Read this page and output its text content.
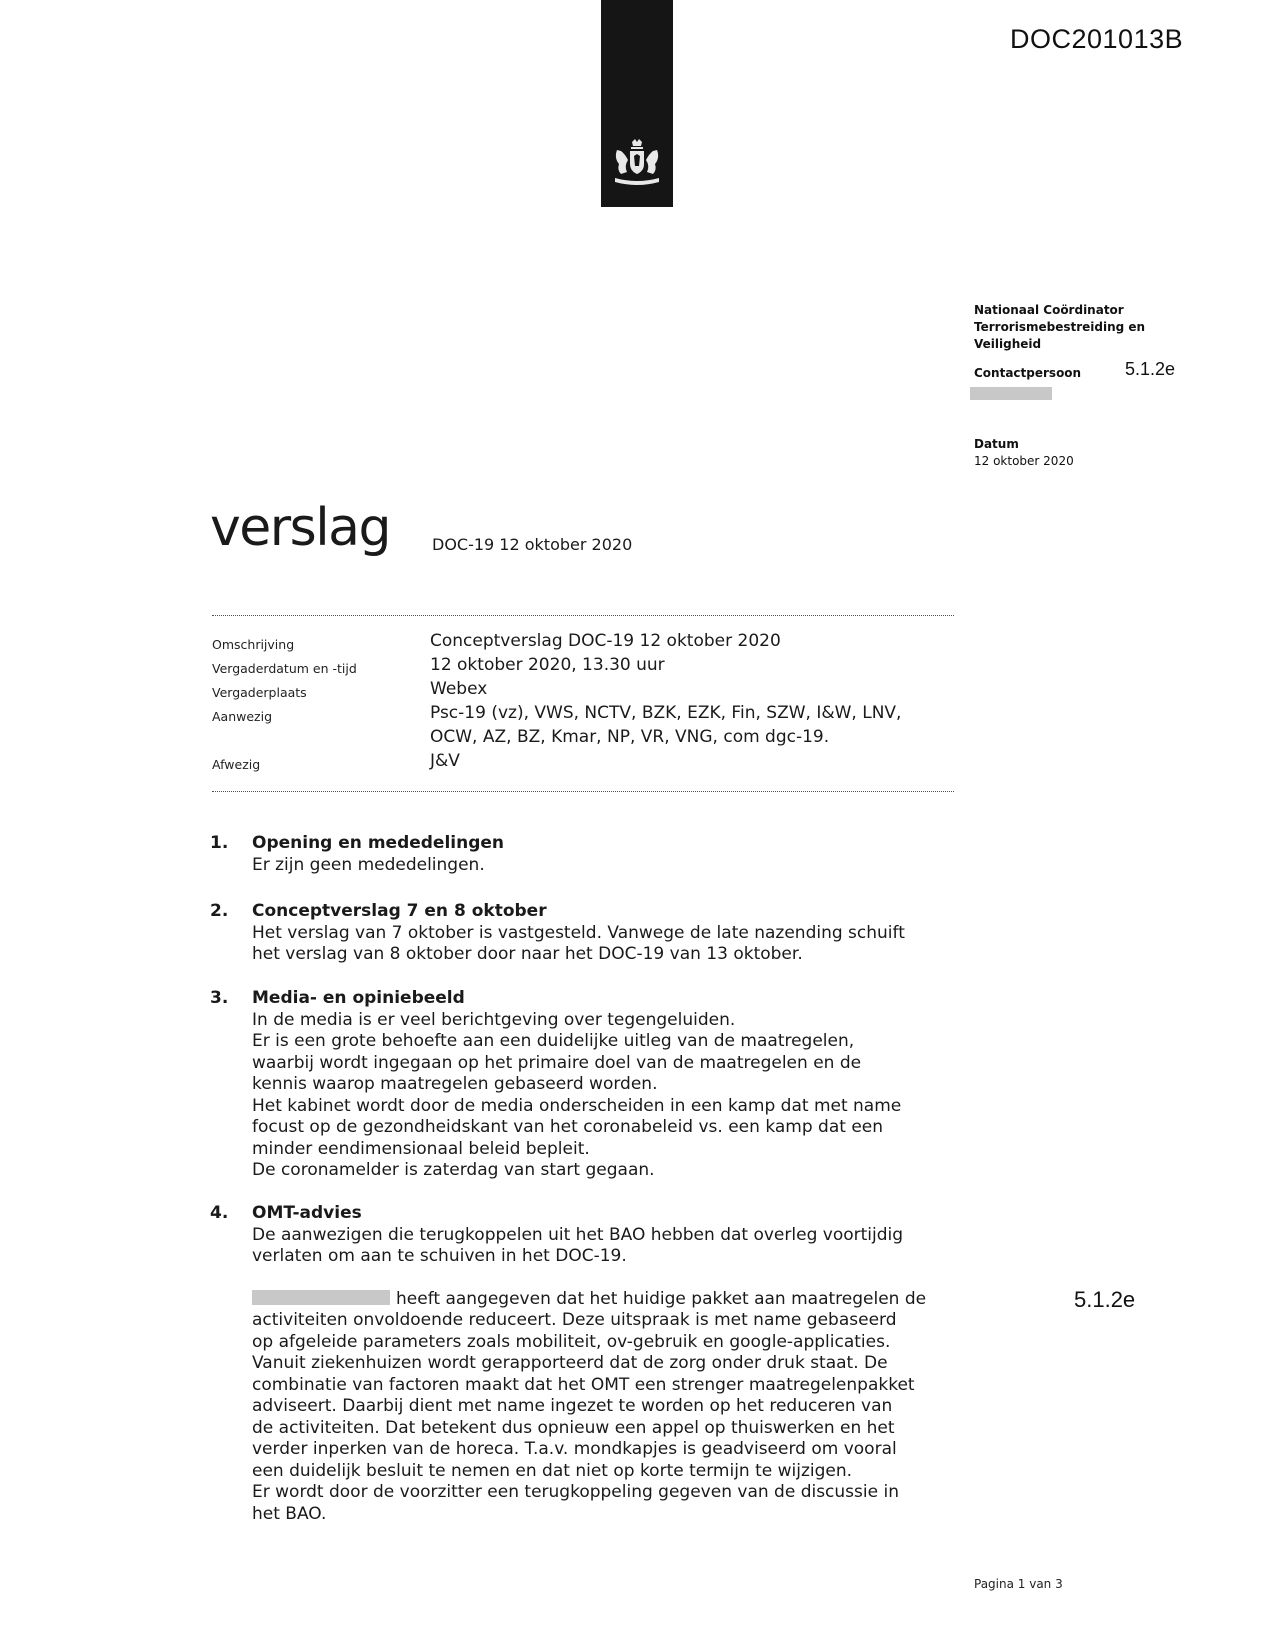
DOC201013B
Nationaal Coördinator
Terrorismebestreiding en
Veiligheid
Contactpersoon 5.1.2e
Datum
12 oktober 2020
verslag	DOC-19 12 oktober 2020
Omschrijving	Conceptverslag DOC-19 12 oktober 2020
Vergaderdatum en -tijd	12 oktober 2020, 13.30 uur
Vergaderplaats	Webex
Aanwezig	Psc-19 (vz), VWS, NCTV, BZK, EZK, Fin, SZW, I&W, LNV,
OCW, AZ, BZ, Kmar, NP, VR, VNG, com dgc-19.
Afwezig	J&V
1. Opening en mededelingen
Er zijn geen mededelingen.
2. Conceptverslag 7 en 8 oktober
Het verslag van 7 oktober is vastgesteld. Vanwege de late nazending schuift
het verslag van 8 oktober door naar het DOC-19 van 13 oktober.
3. Media- en opiniebeeld
In de media is er veel berichtgeving over tegengeluiden.
Er is een grote behoefte aan een duidelijke uitleg van de maatregelen,
waarbij wordt ingegaan op het primaire doel van de maatregelen en de
kennis waarop maatregelen gebaseerd worden.
Het kabinet wordt door de media onderscheiden in een kamp dat met name
focust op de gezondheidskant van het coronabeleid vs. een kamp dat een
minder eendimensionaal beleid bepleit.
De coronamelder is zaterdag van start gegaan.
4. OMT-advies
De aanwezigen die terugkoppelen uit het BAO hebben dat overleg voortijdig
verlaten om aan te schuiven in het DOC-19.
heeft aangegeven dat het huidige pakket aan maatregelen de
activiteiten onvoldoende reduceert. Deze uitspraak is met name gebaseerd
op afgeleide parameters zoals mobiliteit, ov-gebruik en google-applicaties.
Vanuit ziekenhuizen wordt gerapporteerd dat de zorg onder druk staat. De
combinatie van factoren maakt dat het OMT een strenger maatregelenpakket
adviseert. Daarbij dient met name ingezet te worden op het reduceren van
de activiteiten. Dat betekent dus opnieuw een appel op thuiswerken en het
verder inperken van de horeca. T.a.v. mondkapjes is geadviseerd om vooral
een duidelijk besluit te nemen en dat niet op korte termijn te wijzigen.
Er wordt door de voorzitter een terugkoppeling gegeven van de discussie in
het BAO.
5.1.2e
Pagina 1 van 3
